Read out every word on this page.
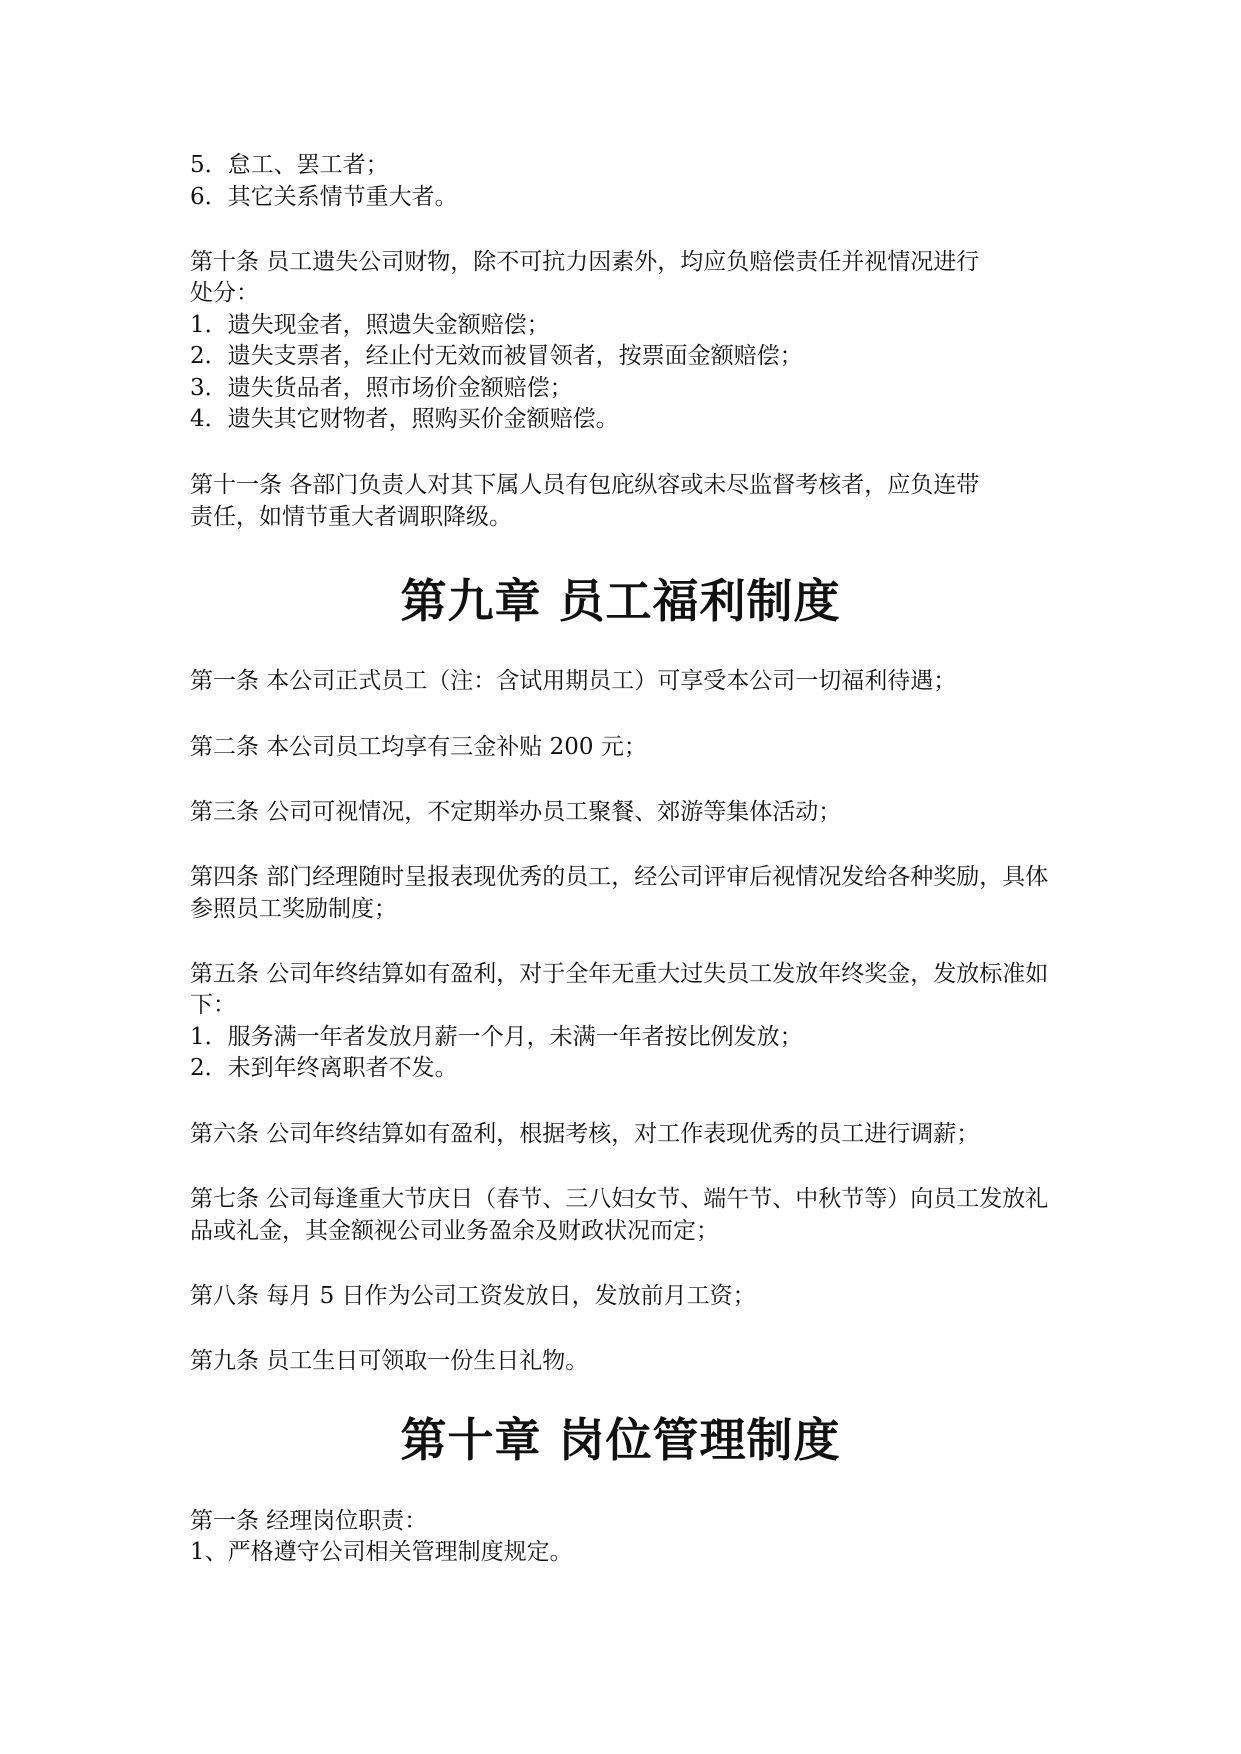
5．怠工、罢工者；
6．其它关系情节重大者。
第十条 员工遗失公司财物，除不可抗力因素外，均应负赔偿责任并视情况进行
处分：
1．遗失现金者，照遗失金额赔偿；
2．遗失支票者，经止付无效而被冒领者，按票面金额赔偿；
3．遗失货品者，照市场价金额赔偿；
4．遗失其它财物者，照购买价金额赔偿。
第十一条 各部门负责人对其下属人员有包庇纵容或未尽监督考核者，应负连带
责任，如情节重大者调职降级。
第九章 员工福利制度
第一条 本公司正式员工（注：含试用期员工）可享受本公司一切福利待遇；
第二条 本公司员工均享有三金补贴 200 元；
第三条 公司可视情况，不定期举办员工聚餐、郊游等集体活动；
第四条 部门经理随时呈报表现优秀的员工，经公司评审后视情况发给各种奖励，具体
参照员工奖励制度；
第五条 公司年终结算如有盈利，对于全年无重大过失员工发放年终奖金，发放标准如
下：
1．服务满一年者发放月薪一个月，未满一年者按比例发放；
2．未到年终离职者不发。
第六条 公司年终结算如有盈利，根据考核，对工作表现优秀的员工进行调薪；
第七条 公司每逢重大节庆日（春节、三八妇女节、端午节、中秋节等）向员工发放礼
品或礼金，其金额视公司业务盈余及财政状况而定；
第八条 每月 5 日作为公司工资发放日，发放前月工资；
第九条 员工生日可领取一份生日礼物。
第十章 岗位管理制度
第一条 经理岗位职责：
1、严格遵守公司相关管理制度规定。
